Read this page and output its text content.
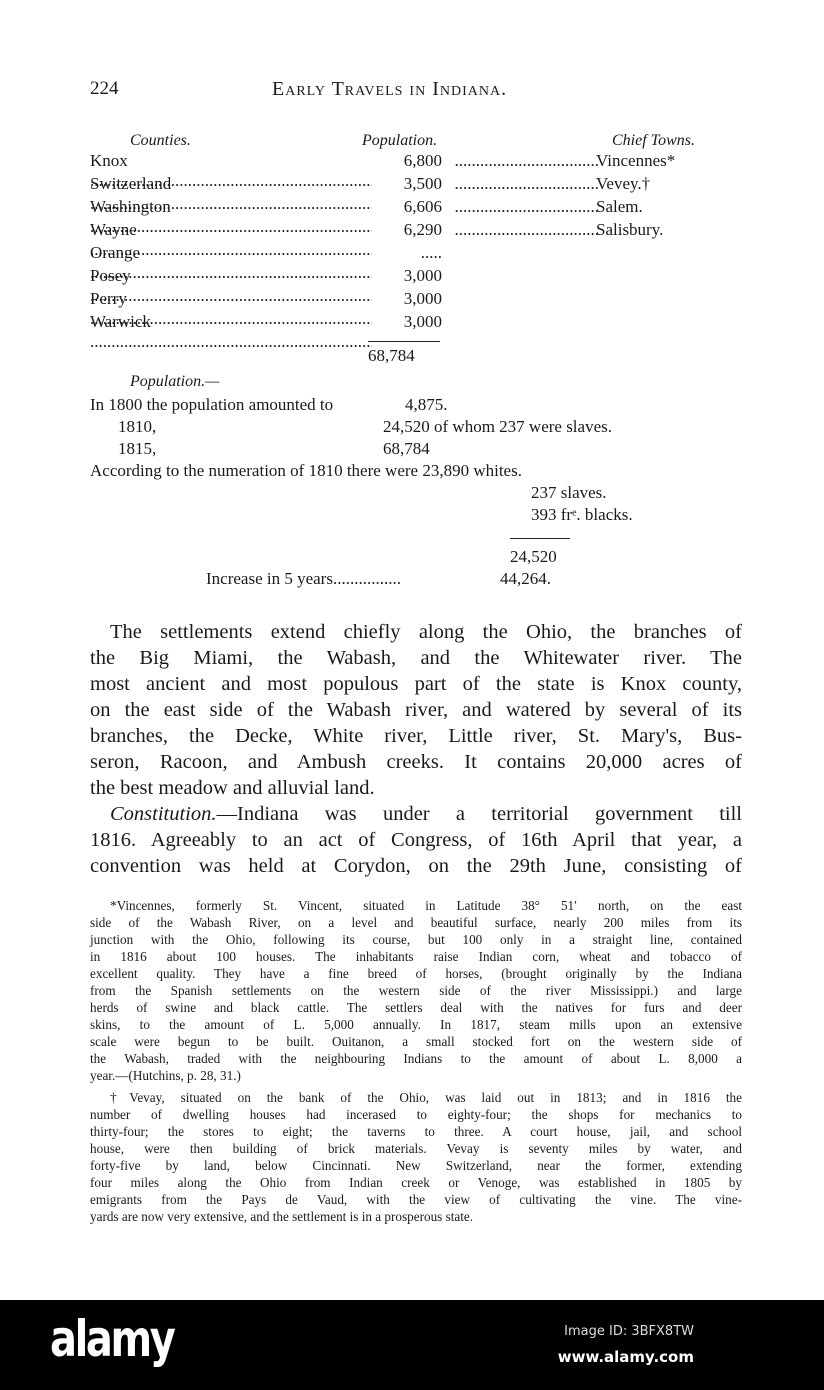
224	Early Travels in Indiana.
Counties.	Population.	Chief Towns.
Knox .....	6,800 .....	Vincennes*
Switzerland .....	3,500 .....	Vevey.†
Washington .....	6,606 .....	Salem.
Wayne .....	6,290 .....	Salisbury.
Orange .....	.....
Posey .....	3,000
Perry .....	3,000
Warwick .....	3,000
68,784
Population.—
In 1800 the population amounted to	4,875.
1810,	24,520 of whom 237 were slaves.
1815,	68,784
According to the numeration of 1810 there were 23,890 whites.
237 slaves.
393 frᵉ. blacks.
24,520
Increase in 5 years................	44,264.
The settlements extend chiefly along the Ohio, the branches of
the Big Miami, the Wabash, and the Whitewater river. The
most ancient and most populous part of the state is Knox county,
on the east side of the Wabash river, and watered by several of its
branches, the Decke, White river, Little river, St. Mary's, Bus-
seron, Racoon, and Ambush creeks. It contains 20,000 acres of
the best meadow and alluvial land.
Constitution.—Indiana was under a territorial government till
1816. Agreeably to an act of Congress, of 16th April that year, a
convention was held at Corydon, on the 29th June, consisting of
*Vincennes, formerly St. Vincent, situated in Latitude 38° 51′ north, on the east
side of the Wabash River, on a level and beautiful surface, nearly 200 miles from its
junction with the Ohio, following its course, but 100 only in a straight line, contained
in 1816 about 100 houses. The inhabitants raise Indian corn, wheat and tobacco of
excellent quality. They have a fine breed of horses, (brought originally by the Indiana
from the Spanish settlements on the western side of the river Mississippi.) and large
herds of swine and black cattle. The settlers deal with the natives for furs and deer
skins, to the amount of L. 5,000 annually. In 1817, steam mills upon an extensive
scale were begun to be built. Ouitanon, a small stocked fort on the western side of
the Wabash, traded with the neighbouring Indians to the amount of about L. 8,000 a
year.—(Hutchins, p. 28, 31.)
†Vevay, situated on the bank of the Ohio, was laid out in 1813; and in 1816 the
number of dwelling houses had incerased to eighty-four; the shops for mechanics to
thirty-four; the stores to eight; the taverns to three. A court house, jail, and school
house, were then building of brick materials. Vevay is seventy miles by water, and
forty-five by land, below Cincinnati. New Switzerland, near the former, extending
four miles along the Ohio from Indian creek or Venoge, was established in 1805 by
emigrants from the Pays de Vaud, with the view of cultivating the vine. The vine-
yards are now very extensive, and the settlement is in a prosperous state.
alamy	Image ID: 3BFX8TW
www.alamy.com
